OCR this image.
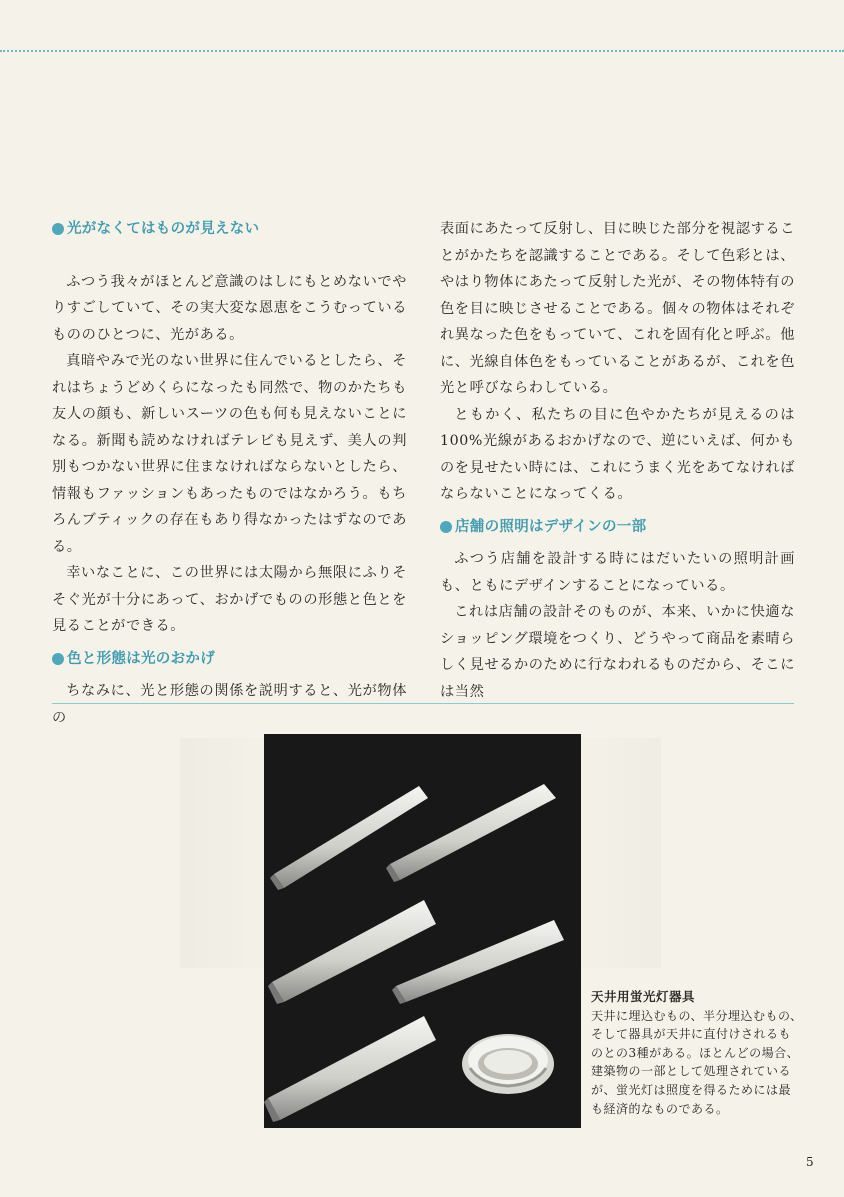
光がなくてはものが見えない

ふつう我々がほとんど意識のはしにもとめないでやりすごしていて、その実大変な恩恵をこうむっているもののひとつに、光がある。

真暗やみで光のない世界に住んでいるとしたら、それはちょうどめくらになったも同然で、物のかたちも友人の顔も、新しいスーツの色も何も見えないことになる。新聞も読めなければテレビも見えず、美人の判別もつかない世界に住まなければならないとしたら、情報もファッションもあったものではなかろう。もちろんブティックの存在もあり得なかったはずなのである。

幸いなことに、この世界には太陽から無限にふりそそぐ光が十分にあって、おかげでものの形態と色とを見ることができる。

色と形態は光のおかげ

ちなみに、光と形態の関係を説明すると、光が物体の

表面にあたって反射し、目に映じた部分を視認することがかたちを認識することである。そして色彩とは、やはり物体にあたって反射した光が、その物体特有の色を目に映じさせることである。個々の物体はそれぞれ異なった色をもっていて、これを固有化と呼ぶ。他に、光線自体色をもっていることがあるが、これを色光と呼びならわしている。

ともかく、私たちの目に色やかたちが見えるのは 100%光線があるおかげなので、逆にいえば、何かものを見せたい時には、これにうまく光をあてなければならないことになってくる。

店舗の照明はデザインの一部

ふつう店舗を設計する時にはだいたいの照明計画も、ともにデザインすることになっている。

これは店舗の設計そのものが、本来、いかに快適なショッピング環境をつくり、どうやって商品を素晴らしく見せるかのために行なわれるものだから、そこには当然

天井用蛍光灯器具

天井に埋込むもの、半分埋込むもの、そして器具が天井に直付けされるものとの3種がある。ほとんどの場合、建築物の一部として処理されているが、蛍光灯は照度を得るためには最も経済的なものである。

5
